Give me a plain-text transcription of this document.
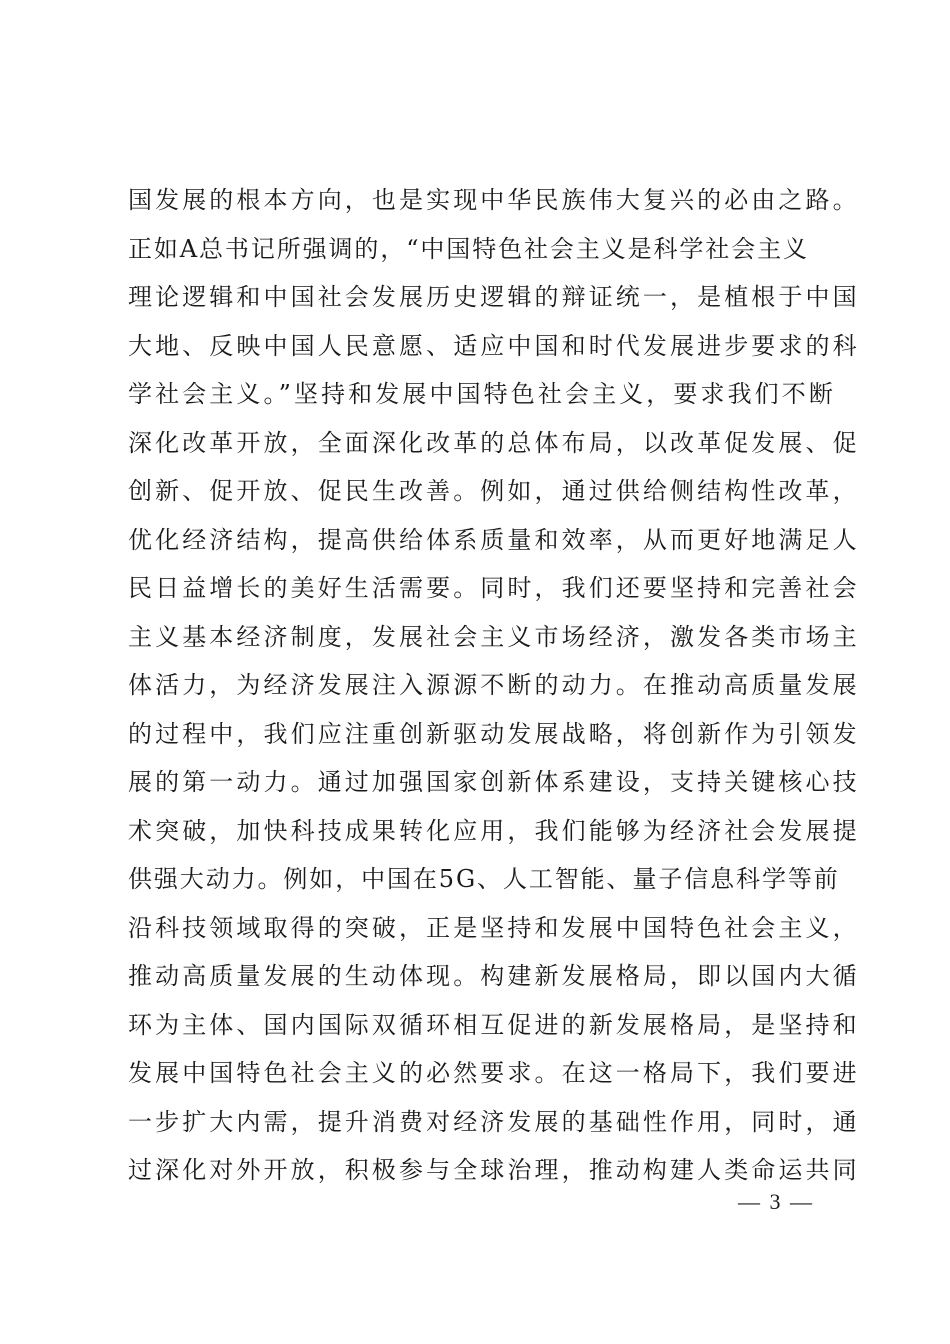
国发展的根本方向，也是实现中华民族伟大复兴的必由之路。
正如A总书记所强调的，“中国特色社会主义是科学社会主义
理论逻辑和中国社会发展历史逻辑的辩证统一，是植根于中国
大地、反映中国人民意愿、适应中国和时代发展进步要求的科
学社会主义。”坚持和发展中国特色社会主义，要求我们不断
深化改革开放，全面深化改革的总体布局，以改革促发展、促
创新、促开放、促民生改善。例如，通过供给侧结构性改革，
优化经济结构，提高供给体系质量和效率，从而更好地满足人
民日益增长的美好生活需要。同时，我们还要坚持和完善社会
主义基本经济制度，发展社会主义市场经济，激发各类市场主
体活力，为经济发展注入源源不断的动力。在推动高质量发展
的过程中，我们应注重创新驱动发展战略，将创新作为引领发
展的第一动力。通过加强国家创新体系建设，支持关键核心技
术突破，加快科技成果转化应用，我们能够为经济社会发展提
供强大动力。例如，中国在5G、人工智能、量子信息科学等前
沿科技领域取得的突破，正是坚持和发展中国特色社会主义，
推动高质量发展的生动体现。构建新发展格局，即以国内大循
环为主体、国内国际双循环相互促进的新发展格局，是坚持和
发展中国特色社会主义的必然要求。在这一格局下，我们要进
一步扩大内需，提升消费对经济发展的基础性作用，同时，通
过深化对外开放，积极参与全球治理，推动构建人类命运共同
— 3 —
